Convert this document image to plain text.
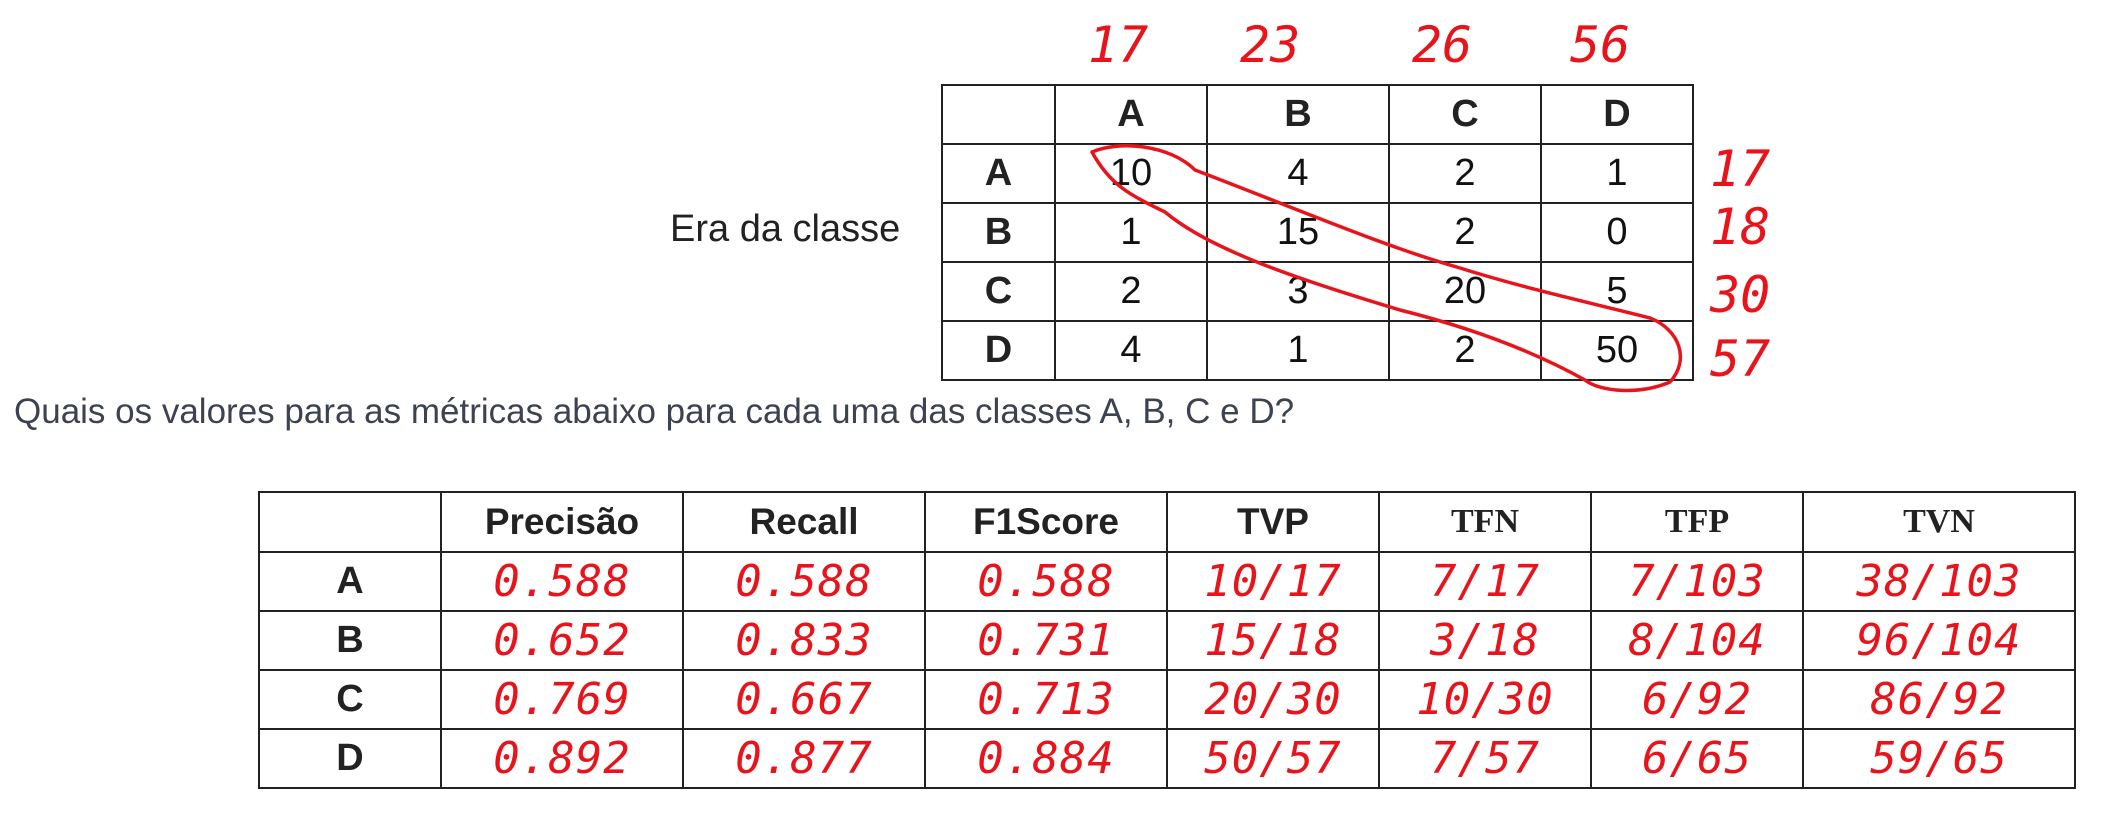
17 23 26 56
Era da classe
	A	B	C	D
A	10	4	2	1
B	1	15	2	0
C	2	3	20	5
D	4	1	2	50
17
18
30
57
Quais os valores para as métricas abaixo para cada uma das classes A, B, C e D?
	Precisão	Recall	F1Score	TVP	TFN	TFP	TVN
A	0.588	0.588	0.588	10/17	7/17	7/103	38/103
B	0.652	0.833	0.731	15/18	3/18	8/104	96/104
C	0.769	0.667	0.713	20/30	10/30	6/92	86/92
D	0.892	0.877	0.884	50/57	7/57	6/65	59/65
